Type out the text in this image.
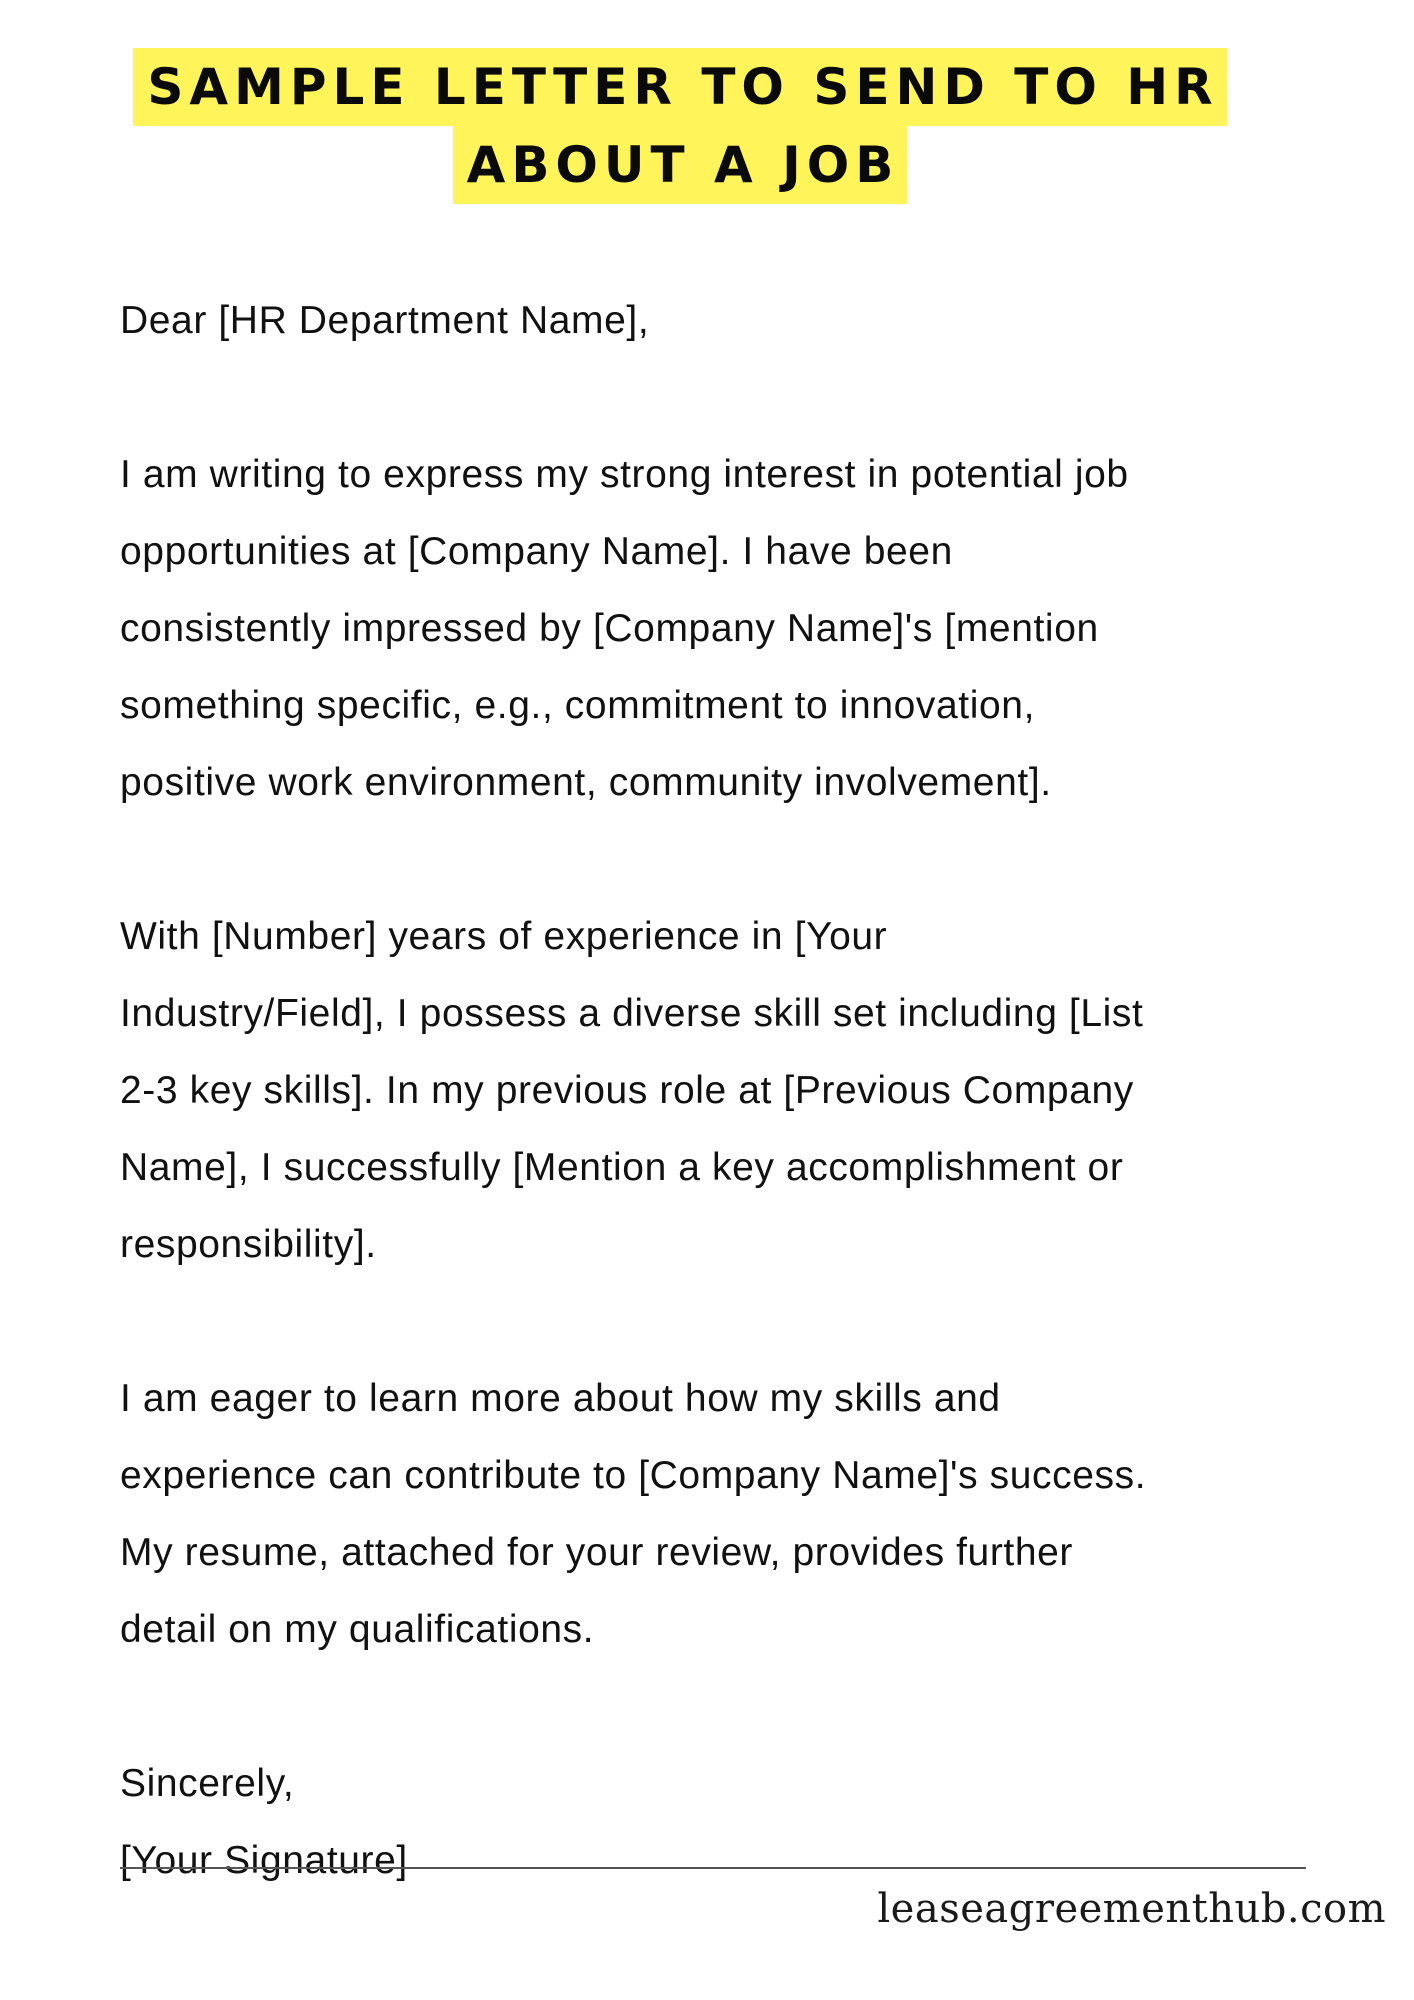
SAMPLE LETTER TO SEND TO HR
ABOUT A JOB

Dear [HR Department Name],

I am writing to express my strong interest in potential job
opportunities at [Company Name]. I have been
consistently impressed by [Company Name]'s [mention
something specific, e.g., commitment to innovation,
positive work environment, community involvement].

With [Number] years of experience in [Your
Industry/Field], I possess a diverse skill set including [List
2-3 key skills]. In my previous role at [Previous Company
Name], I successfully [Mention a key accomplishment or
responsibility].

I am eager to learn more about how my skills and
experience can contribute to [Company Name]'s success.
My resume, attached for your review, provides further
detail on my qualifications.

Sincerely,

[Your Signature]

leaseagreementhub.com
